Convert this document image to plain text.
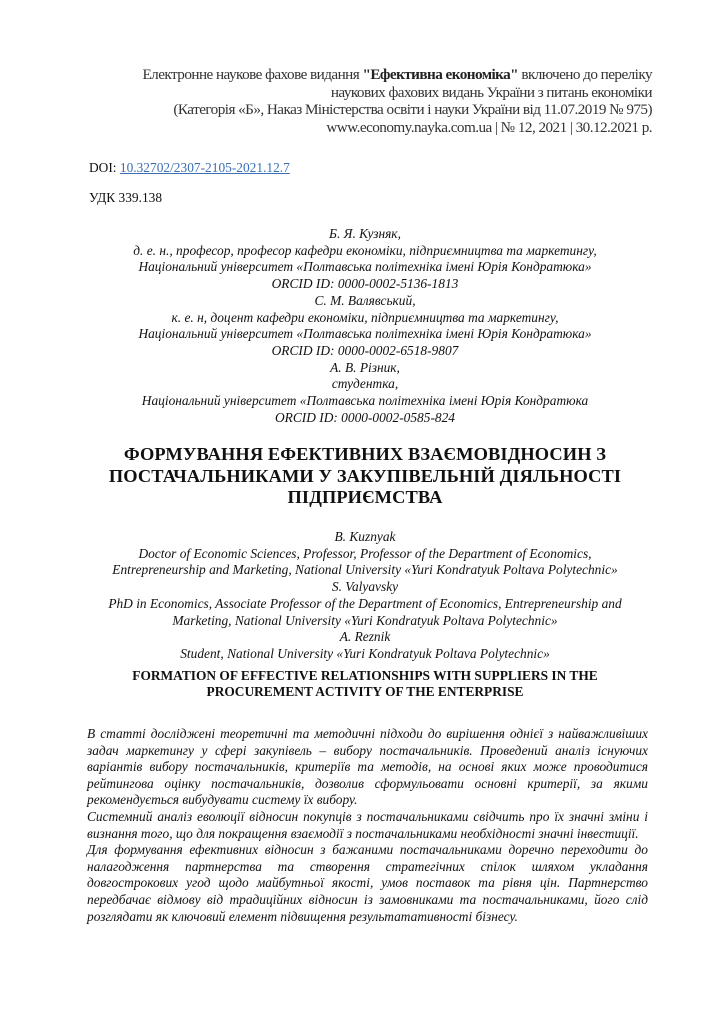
Електронне наукове фахове видання "Ефективна економіка" включено до переліку
наукових фахових видань України з питань економіки
(Категорія «Б», Наказ Міністерства освіти і науки України від 11.07.2019 № 975)
www.economy.nayka.com.ua | № 12, 2021 | 30.12.2021 р.
DOI: 10.32702/2307-2105-2021.12.7
УДК 339.138
Б. Я. Кузняк,
д. е. н., професор, професор кафедри економіки, підприємництва та маркетингу,
Національний університет «Полтавська політехніка імені Юрія Кондратюка»
ORCID ID: 0000-0002-5136-1813
С. М. Валявський,
к. е. н, доцент кафедри економіки, підприємництва та маркетингу,
Національний університет «Полтавська політехніка імені Юрія Кондратюка»
ORCID ID: 0000-0002-6518-9807
А. В. Різник,
студентка,
Національний університет «Полтавська політехніка імені Юрія Кондратюка
ORCID ID: 0000-0002-0585-824
ФОРМУВАННЯ ЕФЕКТИВНИХ ВЗАЄМОВІДНОСИН З
ПОСТАЧАЛЬНИКАМИ У ЗАКУПІВЕЛЬНІЙ ДІЯЛЬНОСТІ
ПІДПРИЄМСТВА
B. Kuznyak
Doctor of Economic Sciences, Professor, Professor of the Department of Economics,
Entrepreneurship and Marketing, National University «Yuri Kondratyuk Poltava Polytechnic»
S. Valyavsky
PhD in Economics, Associate Professor of the Department of Economics, Entrepreneurship and
Marketing, National University «Yuri Kondratyuk Poltava Polytechnic»
A. Reznik
Student, National University «Yuri Kondratyuk Poltava Polytechnic»
FORMATION OF EFFECTIVE RELATIONSHIPS WITH SUPPLIERS IN THE
PROCUREMENT ACTIVITY OF THE ENTERPRISE

В статті досліджені теоретичні та методичні підходи до вирішення однієї з найважливіших задач маркетингу у сфері закупівель – вибору постачальників. Проведений аналіз існуючих варіантів вибору постачальників, критеріїв та методів, на основі яких може проводитися рейтингова оцінку постачальників, дозволив сформульовати основні критерії, за якими рекомендується вибудувати систему їх вибору.

Системний аналіз еволюції відносин покупців з постачальниками свідчить про їх значні зміни і визнання того, що для покращення взаємодії з постачальниками необхідності значні інвестиції.

Для формування ефективних відносин з бажаними постачальниками доречно переходити до налагодження партнерства та створення стратегічних спілок шляхом укладання довгострокових угод щодо майбутньої якості, умов поставок та рівня цін. Партнерство передбачає відмову від традиційних відносин із замовниками та постачальниками, його слід розглядати як ключовий елемент підвищення результатативності бізнесу.
